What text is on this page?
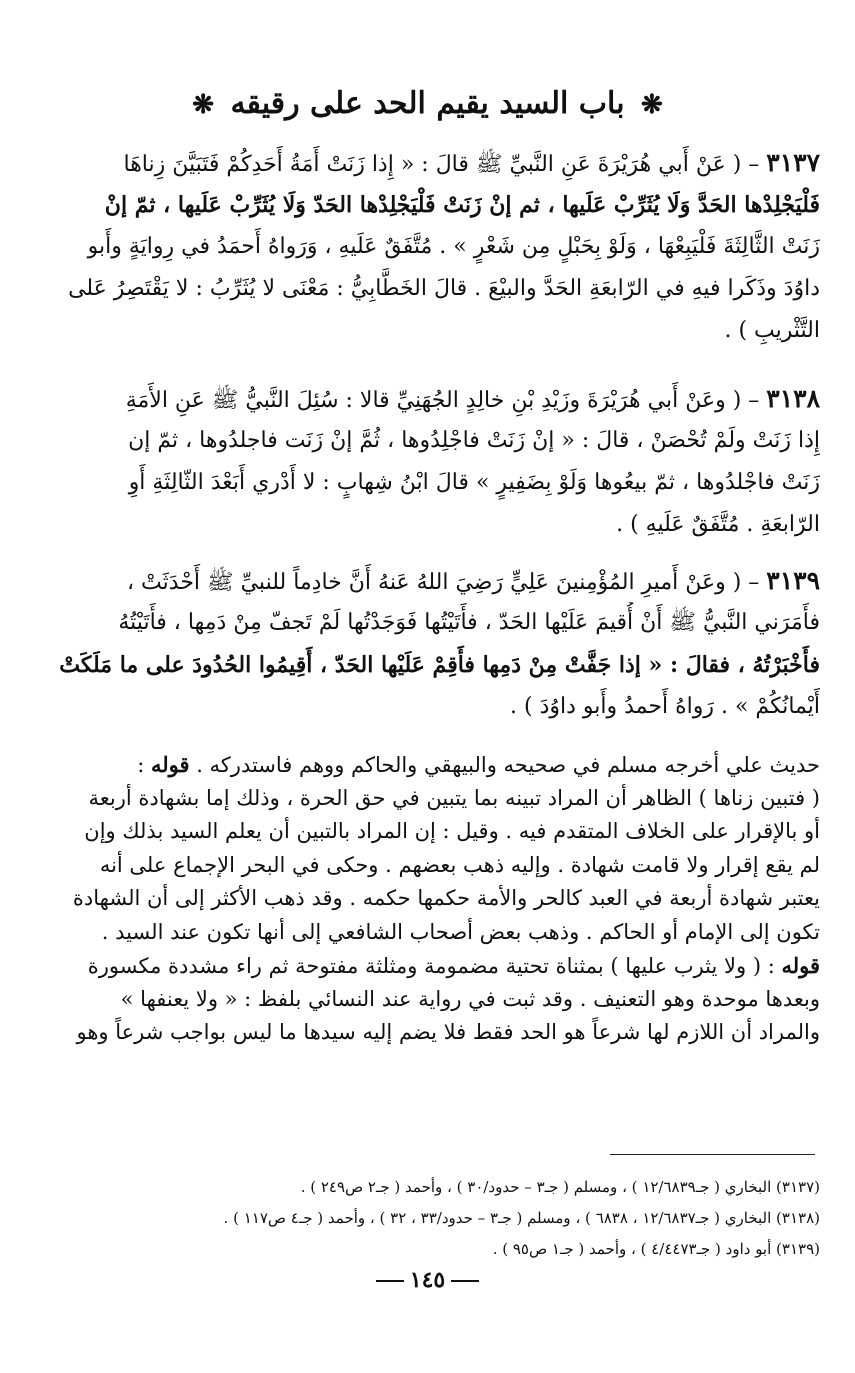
❋ باب السيد يقيم الحد على رقيقه ❋
٣١٣٧ – ( عَنْ أَبي هُرَيْرَةَ عَنِ النَّبيِّ ﷺ قالَ : « إِذا زَنَتْ أَمَةُ أَحَدِكُمْ فَتَبَيَّنَ زِناهَا
فَلْيَجْلِدْها الحَدَّ وَلَا يُثَرِّبْ عَلَيها ، ثم إنْ زَنَتْ فَلْيَجْلِدْها الحَدّ وَلَا يُثَرِّبْ عَلَيها ، ثمّ إنْ
زَنَتْ الثَّالِثَةَ فَلْيَبِعْهَا ، وَلَوْ بِحَبْلٍ مِن شَعْرٍ » . مُتَّفَقٌ عَلَيهِ ، وَرَواهُ أَحمَدُ في رِوايَةٍ وأَبو
داوُدَ وذَكَرا فيهِ في الرّابعَةِ الحَدَّ والبيْعَ . قالَ الخَطَّابِيُّ : مَعْنَى لا يُثَرِّبُ : لا يَقْتَصِرُ عَلى
التَّثْريبِ ) .
٣١٣٨ – ( وعَنْ أَبي هُرَيْرَةَ وزَيْدِ بْنِ خالِدٍ الجُهَنِيِّ قالا : سُئِلَ النَّبيُّ ﷺ عَنِ الأَمَةِ
إِذا زَنَتْ ولَمْ تُحْصَنْ ، قالَ : « إنْ زَنَتْ فاجْلِدُوها ، ثُمَّ إنْ زَنَت فاجلدُوها ، ثمّ إن
زَنَتْ فاجْلدُوها ، ثمّ بيعُوها وَلَوْ بِضَفِيرٍ » قالَ ابْنُ شِهابٍ : لا أَدْري أَبَعْدَ الثّالِثَةِ أَوِ
الرّابعَةِ . مُتَّفَقٌ عَلَيهِ ) .
٣١٣٩ – ( وعَنْ أَميرِ المُؤْمِنينَ عَلِيٍّ رَضِيَ اللهُ عَنهُ أَنَّ خادِماً للنبيِّ ﷺ أَحْدَثَتْ ،
فأَمَرَني النَّبيُّ ﷺ أَنْ أُقيمَ عَلَيْها الحَدّ ، فأَتَيْتُها فَوَجَدْتُها لَمْ تَجفّ مِنْ دَمِها ، فأَتَيْتُهُ
فأَخْبَرْتُهُ ، فقالَ : « إذا جَفَّتْ مِنْ دَمِها فأَقِمْ عَلَيْها الحَدّ ، أَقِيمُوا الحُدُودَ على ما مَلَكَتْ
أَيْمانُكُمْ » . رَواهُ أَحمدُ وأَبو داوُدَ ) .
حديث علي أخرجه مسلم في صحيحه والبيهقي والحاكم ووهم فاستدركه . قوله :
( فتبين زناها ) الظاهر أن المراد تبينه بما يتبين في حق الحرة ، وذلك إما بشهادة أربعة
أو بالإقرار على الخلاف المتقدم فيه . وقيل : إن المراد بالتبين أن يعلم السيد بذلك وإن
لم يقع إقرار ولا قامت شهادة . وإليه ذهب بعضهم . وحكى في البحر الإجماع على أنه
يعتبر شهادة أربعة في العبد كالحر والأمة حكمها حكمه . وقد ذهب الأكثر إلى أن الشهادة
تكون إلى الإمام أو الحاكم . وذهب بعض أصحاب الشافعي إلى أنها تكون عند السيد .
قوله : ( ولا يثرب عليها ) بمثناة تحتية مضمومة ومثلثة مفتوحة ثم راء مشددة مكسورة
وبعدها موحدة وهو التعنيف . وقد ثبت في رواية عند النسائي بلفظ : « ولا يعنفها »
والمراد أن اللازم لها شرعاً هو الحد فقط فلا يضم إليه سيدها ما ليس بواجب شرعاً وهو
(٣١٣٧) البخاري ( جـ١٢/٦٨٣٩ ) ، ومسلم ( جـ٣ – حدود/٣٠ ) ، وأحمد ( جـ٢ ص٢٤٩ ) .
(٣١٣٨) البخاري ( جـ١٢/٦٨٣٧ ، ٦٨٣٨ ) ، ومسلم ( جـ٣ – حدود/٣٣ ، ٣٢ ) ، وأحمد ( جـ٤ ص١١٧ ) .
(٣١٣٩) أبو داود ( جـ٤/٤٤٧٣ ) ، وأحمد ( جـ١ ص٩٥ ) .
١٤٥
